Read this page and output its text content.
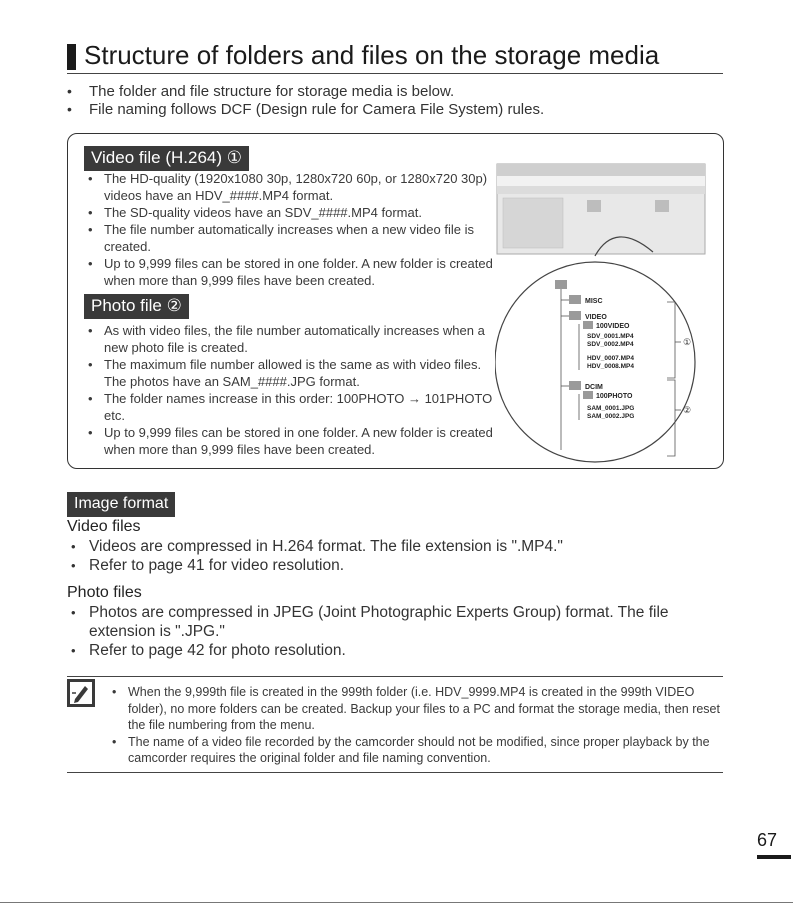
Structure of folders and files on the storage media
• The folder and file structure for storage media is below.
• File naming follows DCF (Design rule for Camera File System) rules.
Video file (H.264) ①
• The HD-quality (1920x1080 30p, 1280x720 60p, or 1280x720 30p) videos have an HDV_####.MP4 format.
• The SD-quality videos have an SDV_####.MP4 format.
• The file number automatically increases when a new video file is created.
• Up to 9,999 files can be stored in one folder. A new folder is created when more than 9,999 files have been created.
Photo file ②
• As with video files, the file number automatically increases when a new photo file is created.
• The maximum file number allowed is the same as with video files. The photos have an SAM_####.JPG format.
• The folder names increase in this order: 100PHOTO → 101PHOTO etc.
• Up to 9,999 files can be stored in one folder. A new folder is created when more than 9,999 files have been created.
MISC
VIDEO
100VIDEO
DCIM
100PHOTO
SDV_0001.MP4
SDV_0002.MP4
HDV_0007.MP4
HDV_0008.MP4
SAM_0001.JPG
SAM_0002.JPG
①
②
Image format
Video files
• Videos are compressed in H.264 format. The file extension is ".MP4."
• Refer to page 41 for video resolution.
Photo files
• Photos are compressed in JPEG (Joint Photographic Experts Group) format. The file extension is ".JPG."
• Refer to page 42 for photo resolution.
• When the 9,999th file is created in the 999th folder (i.e. HDV_9999.MP4 is created in the 999th VIDEO folder), no more folders can be created. Backup your files to a PC and format the storage media, then reset the file numbering from the menu.
• The name of a video file recorded by the camcorder should not be modified, since proper playback by the camcorder requires the original folder and file naming convention.
67
